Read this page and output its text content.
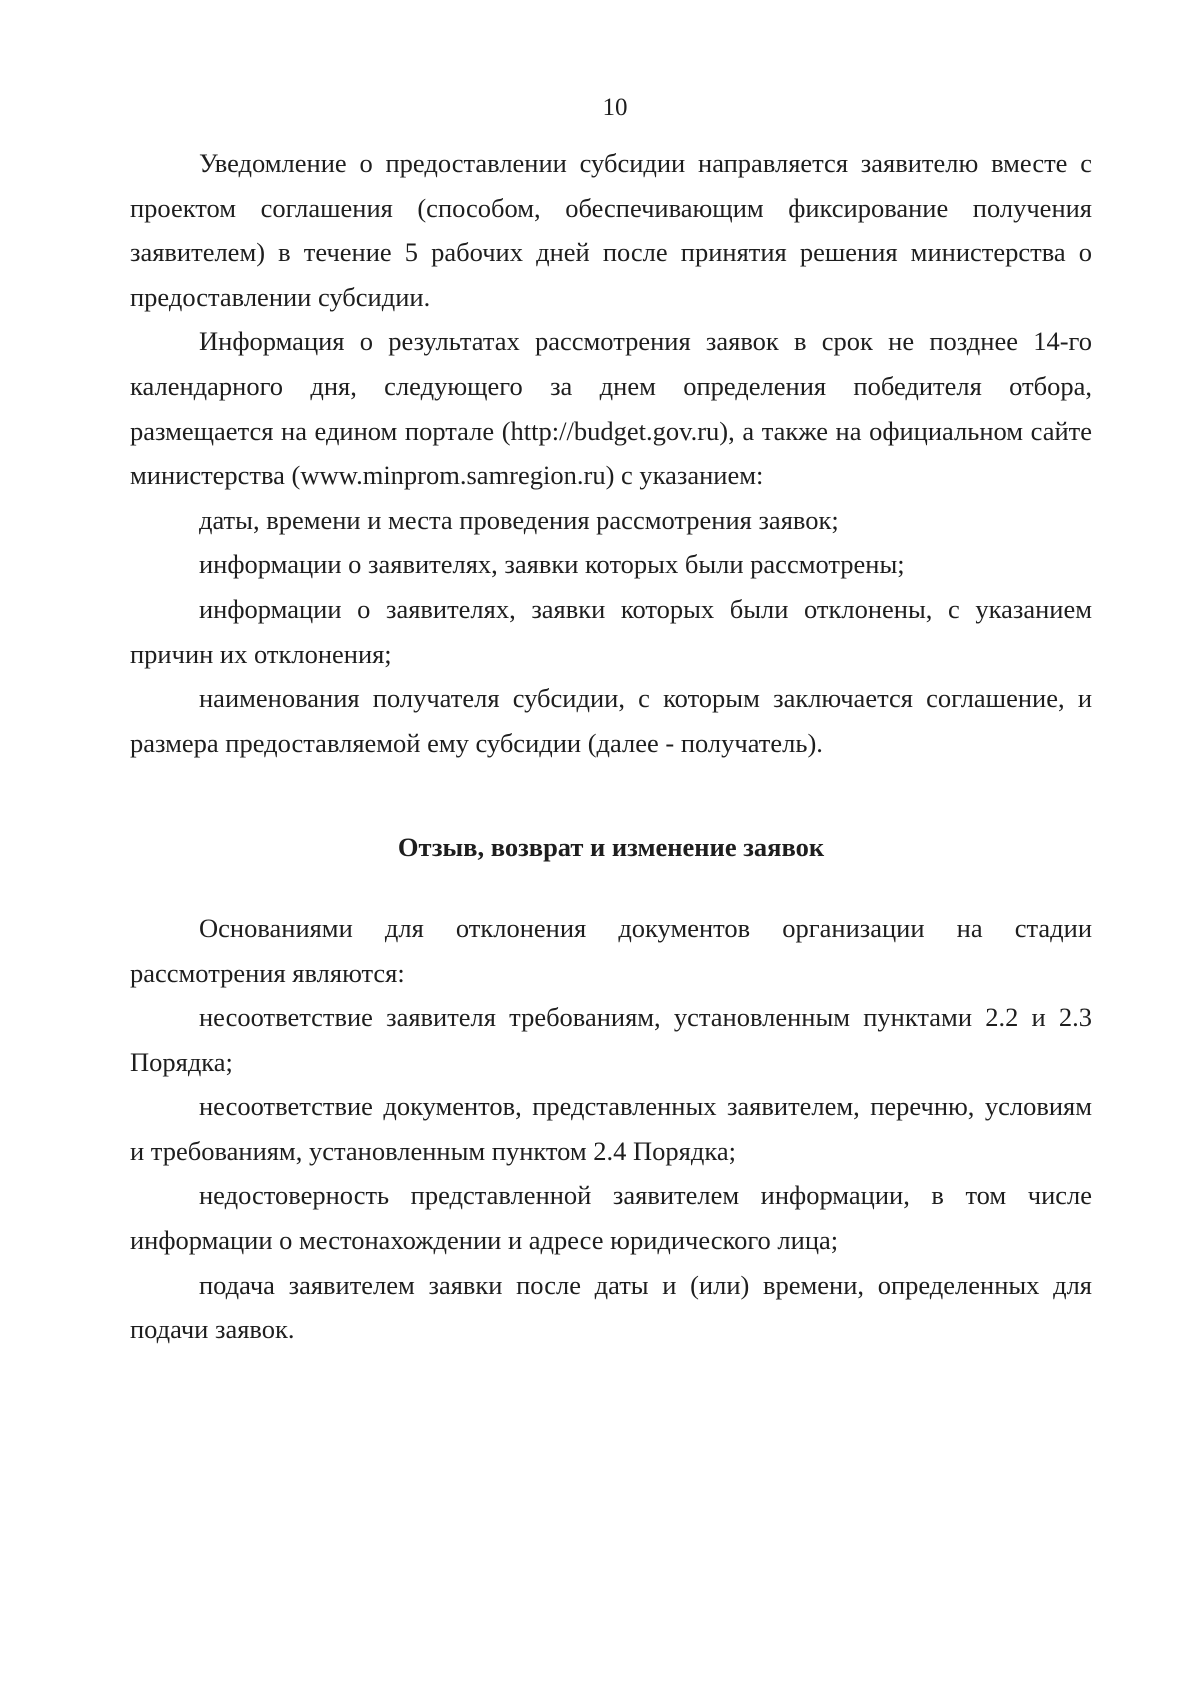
10

Уведомление о предоставлении субсидии направляется заявителю вместе с проектом соглашения (способом, обеспечивающим фиксирование получения заявителем) в течение 5 рабочих дней после принятия решения министерства о предоставлении субсидии.

Информация о результатах рассмотрения заявок в срок не позднее 14-го календарного дня, следующего за днем определения победителя отбора, размещается на едином портале (http://budget.gov.ru), а также на официальном сайте министерства (www.minprom.samregion.ru) с указанием:

даты, времени и места проведения рассмотрения заявок;

информации о заявителях, заявки которых были рассмотрены;

информации о заявителях, заявки которых были отклонены, с указанием причин их отклонения;

наименования получателя субсидии, с которым заключается соглашение, и размера предоставляемой ему субсидии (далее - получатель).

Отзыв, возврат и изменение заявок

Основаниями для отклонения документов организации на стадии рассмотрения являются:

несоответствие заявителя требованиям, установленным пунктами 2.2 и 2.3 Порядка;

несоответствие документов, представленных заявителем, перечню, условиям и требованиям, установленным пунктом 2.4 Порядка;

недостоверность представленной заявителем информации, в том числе информации о местонахождении и адресе юридического лица;

подача заявителем заявки после даты и (или) времени, определенных для подачи заявок.
